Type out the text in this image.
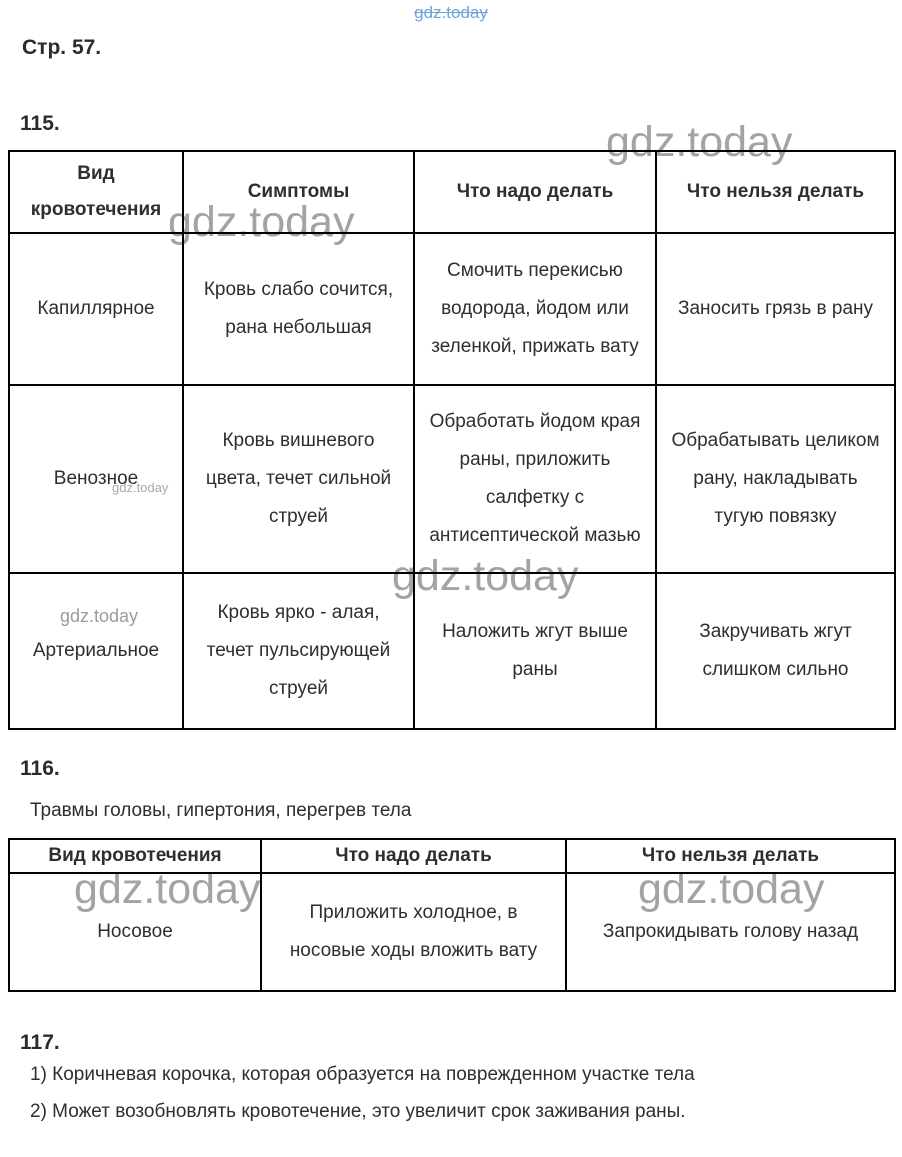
gdz.today
gdz.today
gdz.today
gdz.today
gdz.today
gdz.today
gdz.today	gdz.today
Стр. 57.
115.
Вид кровотечения	Симптомы	Что надо делать	Что нельзя делать
Капиллярное	Кровь слабо сочится, рана небольшая	Смочить перекисью водорода, йодом или зеленкой, прижать вату	Заносить грязь в рану
Венозное	Кровь вишневого цвета, течет сильной струей	Обработать йодом края раны, приложить салфетку с антисептической мазью	Обрабатывать целиком рану, накладывать тугую повязку
Артериальное	Кровь ярко - алая, течет пульсирующей струей	Наложить жгут выше раны	Закручивать жгут слишком сильно
116.
Травмы головы, гипертония, перегрев тела
Вид кровотечения	Что надо делать	Что нельзя делать
Носовое	Приложить холодное, в носовые ходы вложить вату	Запрокидывать голову назад
117.
1) Коричневая корочка, которая образуется на поврежденном участке тела
2) Может возобновлять кровотечение, это увеличит срок заживания раны.
